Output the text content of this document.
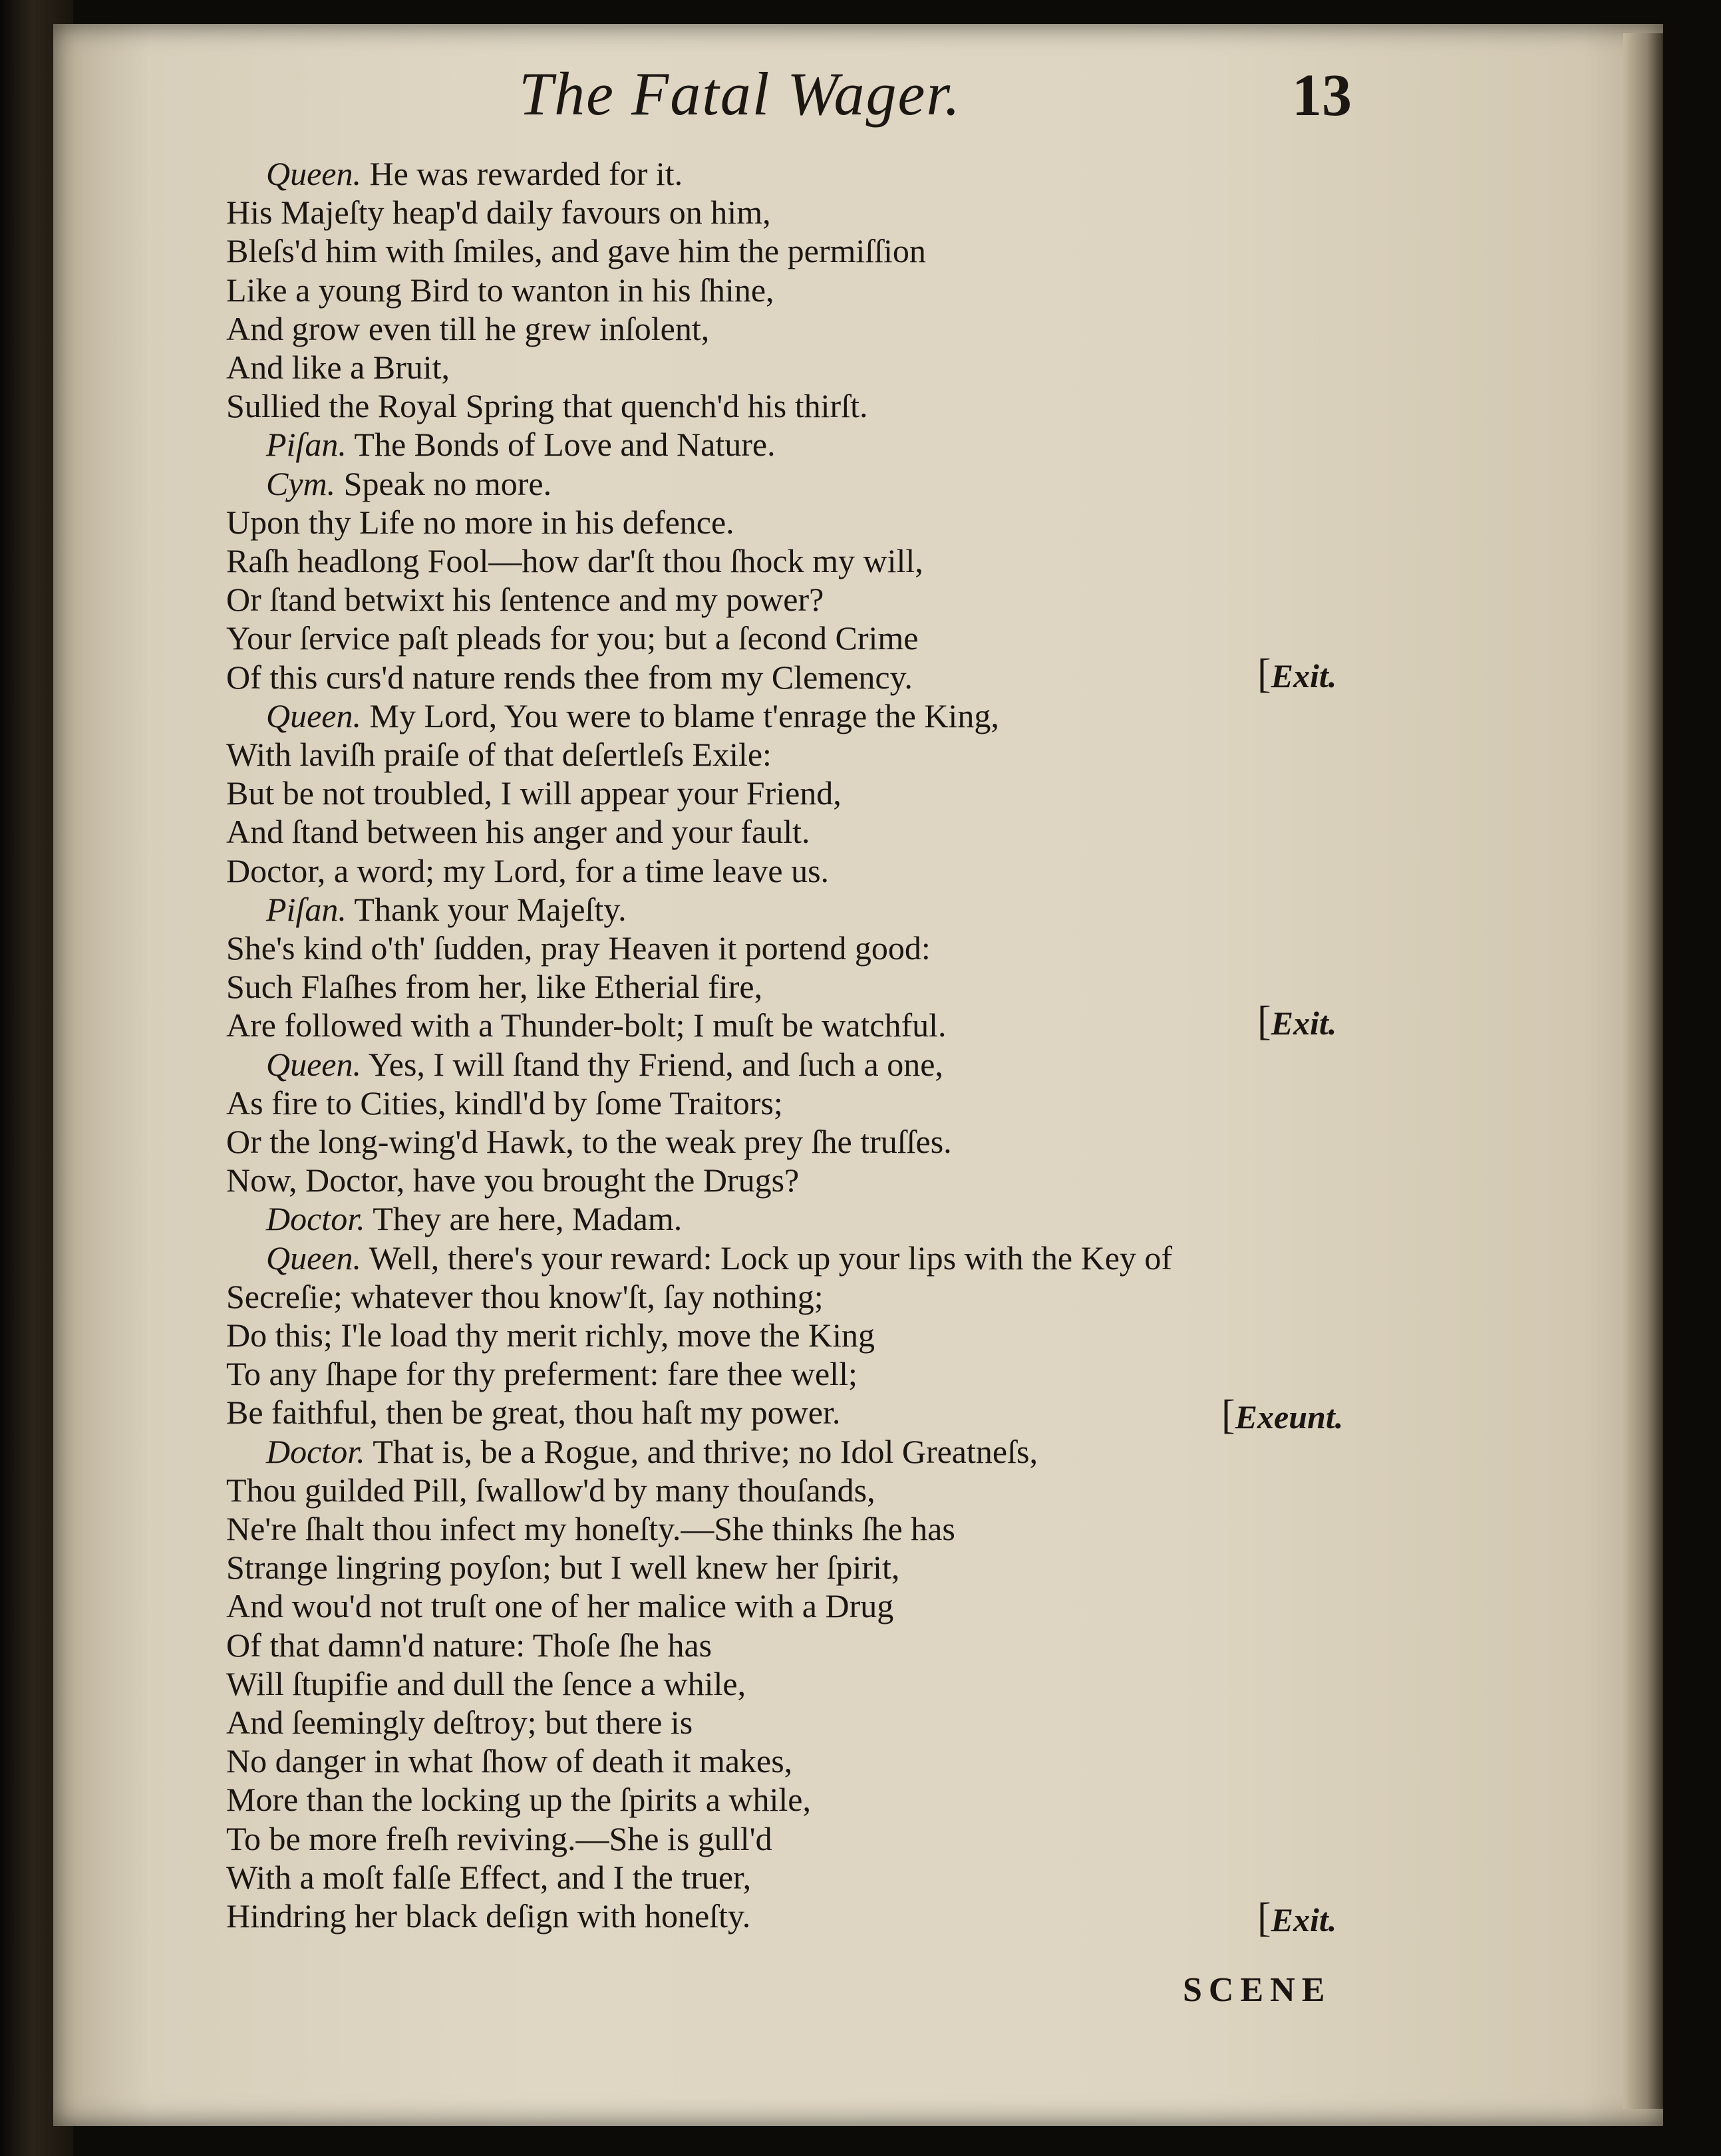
The Fatal Wager.	13
Queen. He was rewarded for it.
His Majeſty heap'd daily favours on him,
Bleſs'd him with ſmiles, and gave him the permiſſion
Like a young Bird to wanton in his ſhine,
And grow even till he grew inſolent,
And like a Bruit,
Sullied the Royal Spring that quench'd his thirſt.
Piſan. The Bonds of Love and Nature.
Cym. Speak no more.
Upon thy Life no more in his defence.
Raſh headlong Fool—how dar'ſt thou ſhock my will,
Or ſtand betwixt his ſentence and my power?
Your ſervice paſt pleads for you; but a ſecond Crime
Of this curs'd nature rends thee from my Clemency.
Queen. My Lord, You were to blame t'enrage the King,
With laviſh praiſe of that deſertleſs Exile:
But be not troubled, I will appear your Friend,
And ſtand between his anger and your fault.
Doctor, a word; my Lord, for a time leave us.
Piſan. Thank your Majeſty.
She's kind o'th' ſudden, pray Heaven it portend good:
Such Flaſhes from her, like Etherial fire,
Are followed with a Thunder-bolt; I muſt be watchful.
Queen. Yes, I will ſtand thy Friend, and ſuch a one,
As fire to Cities, kindl'd by ſome Traitors;
Or the long-wing'd Hawk, to the weak prey ſhe truſſes.
Now, Doctor, have you brought the Drugs?
Doctor. They are here, Madam.
Queen. Well, there's your reward: Lock up your lips with the Key of
Secreſie; whatever thou know'ſt, ſay nothing;
Do this; I'le load thy merit richly, move the King
To any ſhape for thy preferment: fare thee well;
Be faithful, then be great, thou haſt my power.
Doctor. That is, be a Rogue, and thrive; no Idol Greatneſs,
Thou guilded Pill, ſwallow'd by many thouſands,
Ne're ſhalt thou infect my honeſty.—She thinks ſhe has
Strange lingring poyſon; but I well knew her ſpirit,
And wou'd not truſt one of her malice with a Drug
Of that damn'd nature: Thoſe ſhe has
Will ſtupifie and dull the ſence a while,
And ſeemingly deſtroy; but there is
No danger in what ſhow of death it makes,
More than the locking up the ſpirits a while,
To be more freſh reviving.—She is gull'd
With a moſt falſe Effect, and I the truer,
Hindring her black deſign with honeſty.
[Exit.
[Exit.
[Exeunt.
[Exit.
SCENE
